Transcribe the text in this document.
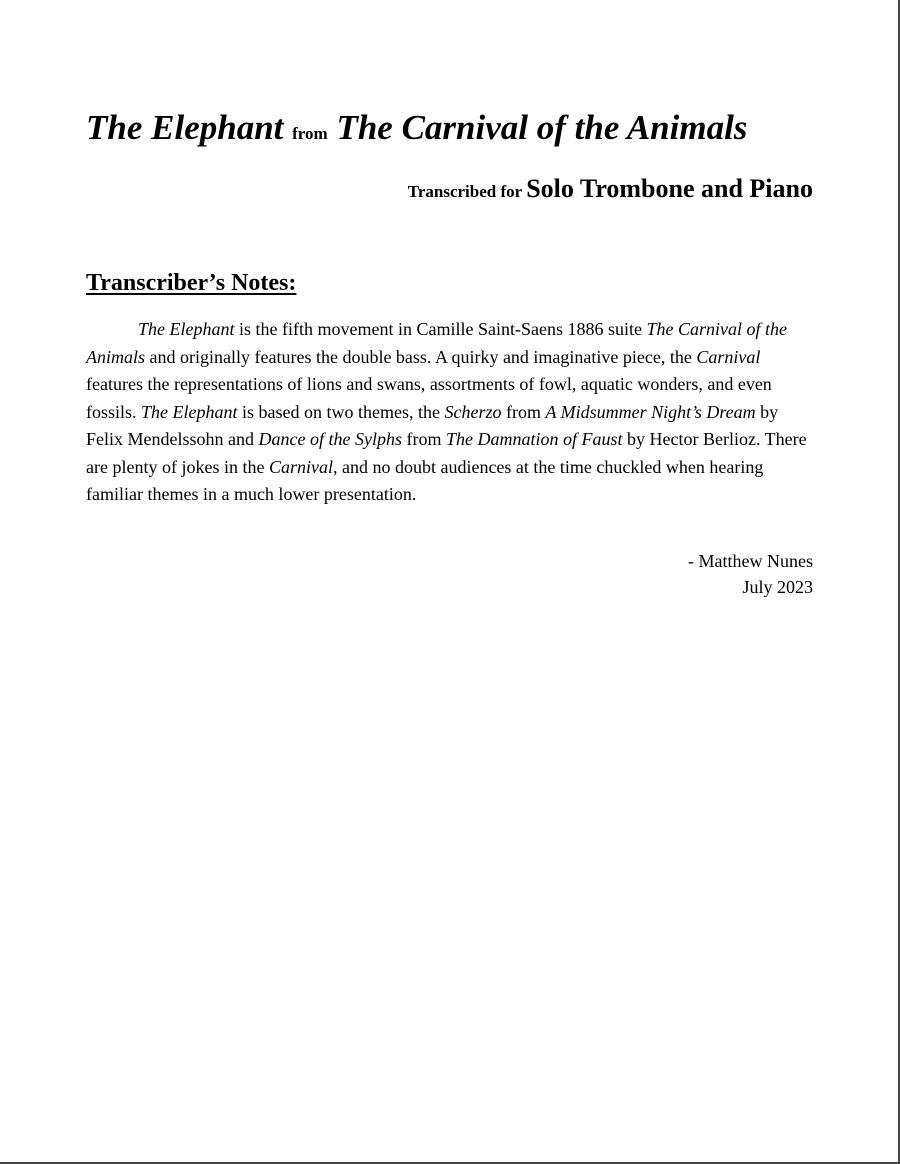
The Elephant from The Carnival of the Animals
Transcribed for Solo Trombone and Piano
Transcriber’s Notes:

The Elephant is the fifth movement in Camille Saint-Saens 1886 suite The Carnival of the Animals and originally features the double bass. A quirky and imaginative piece, the Carnival features the representations of lions and swans, assortments of fowl, aquatic wonders, and even fossils. The Elephant is based on two themes, the Scherzo from A Midsummer Night’s Dream by Felix Mendelssohn and Dance of the Sylphs from The Damnation of Faust by Hector Berlioz. There are plenty of jokes in the Carnival, and no doubt audiences at the time chuckled when hearing familiar themes in a much lower presentation.

- Matthew Nunes
July 2023
